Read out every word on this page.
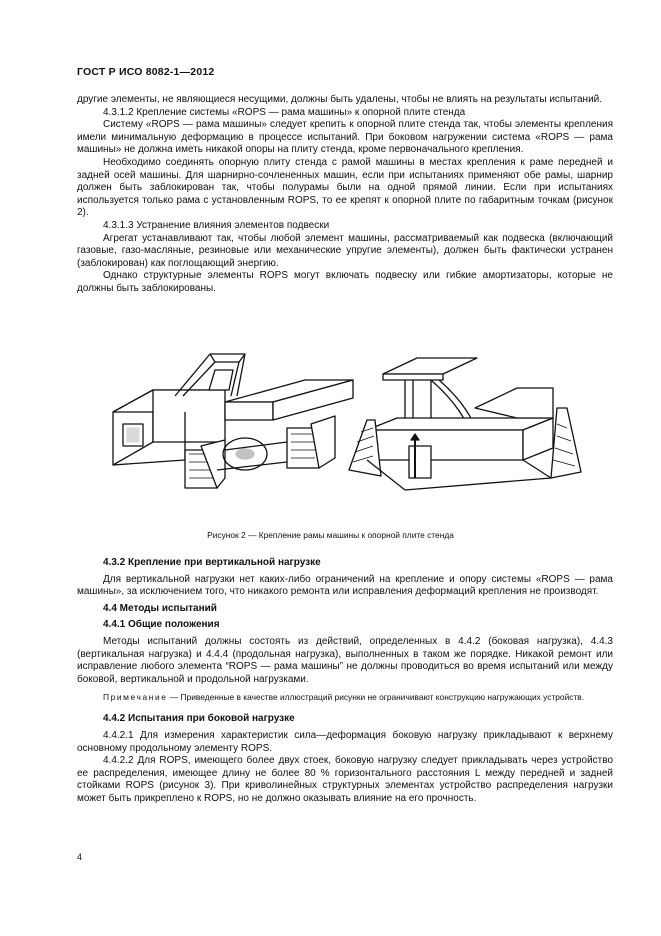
ГОСТ Р ИСО 8082-1—2012

другие элементы, не являющиеся несущими, должны быть удалены, чтобы не влиять на результаты испытаний.

4.3.1.2 Крепление системы «ROPS — рама машины» к опорной плите стенда

Систему «ROPS — рама машины» следует крепить к опорной плите стенда так, чтобы элементы крепления имели минимальную деформацию в процессе испытаний. При боковом нагружении система «ROPS — рама машины» не должна иметь никакой опоры на плиту стенда, кроме первоначального крепления.

Необходимо соединять опорную плиту стенда с рамой машины в местах крепления к раме передней и задней осей машины. Для шарнирно-сочлененных машин, если при испытаниях применяют обе рамы, шарнир должен быть заблокирован так, чтобы полурамы были на одной прямой линии. Если при испытаниях используется только рама с установленным ROPS, то ее крепят к опорной плите по габаритным точкам (рисунок 2).

4.3.1.3 Устранение влияния элементов подвески

Агрегат устанавливают так, чтобы любой элемент машины, рассматриваемый как подвеска (включающий газовые, газо-масляные, резиновые или механические упругие элементы), должен быть фактически устранен (заблокирован) как поглощающий энергию.

Однако структурные элементы ROPS могут включать подвеску или гибкие амортизаторы, которые не должны быть заблокированы.

Рисунок 2 — Крепление рамы машины к опорной плите стенда

4.3.2 Крепление при вертикальной нагрузке

Для вертикальной нагрузки нет каких-либо ограничений на крепление и опору системы «ROPS — рама машины», за исключением того, что никакого ремонта или исправления деформаций крепления не производят.

4.4 Методы испытаний

4.4.1 Общие положения

Методы испытаний должны состоять из действий, определенных в 4.4.2 (боковая нагрузка), 4.4.3 (вертикальная нагрузка) и 4.4.4 (продольная нагрузка), выполненных в таком же порядке. Никакой ремонт или исправление любого элемента “ROPS — рама машины” не должны проводиться во время испытаний или между боковой, вертикальной и продольной нагрузками.

Примечание — Приведенные в качестве иллюстраций рисунки не ограничивают конструкцию нагружающих устройств.

4.4.2 Испытания при боковой нагрузке

4.4.2.1 Для измерения характеристик сила—деформация боковую нагрузку прикладывают к верхнему основному продольному элементу ROPS.

4.4.2.2 Для ROPS, имеющего более двух стоек, боковую нагрузку следует прикладывать через устройство ее распределения, имеющее длину не более 80 % горизонтального расстояния L между передней и задней стойками ROPS (рисунок 3). При криволинейных структурных элементах устройство распределения нагрузки может быть прикреплено к ROPS, но не должно оказывать влияние на его прочность.

4
